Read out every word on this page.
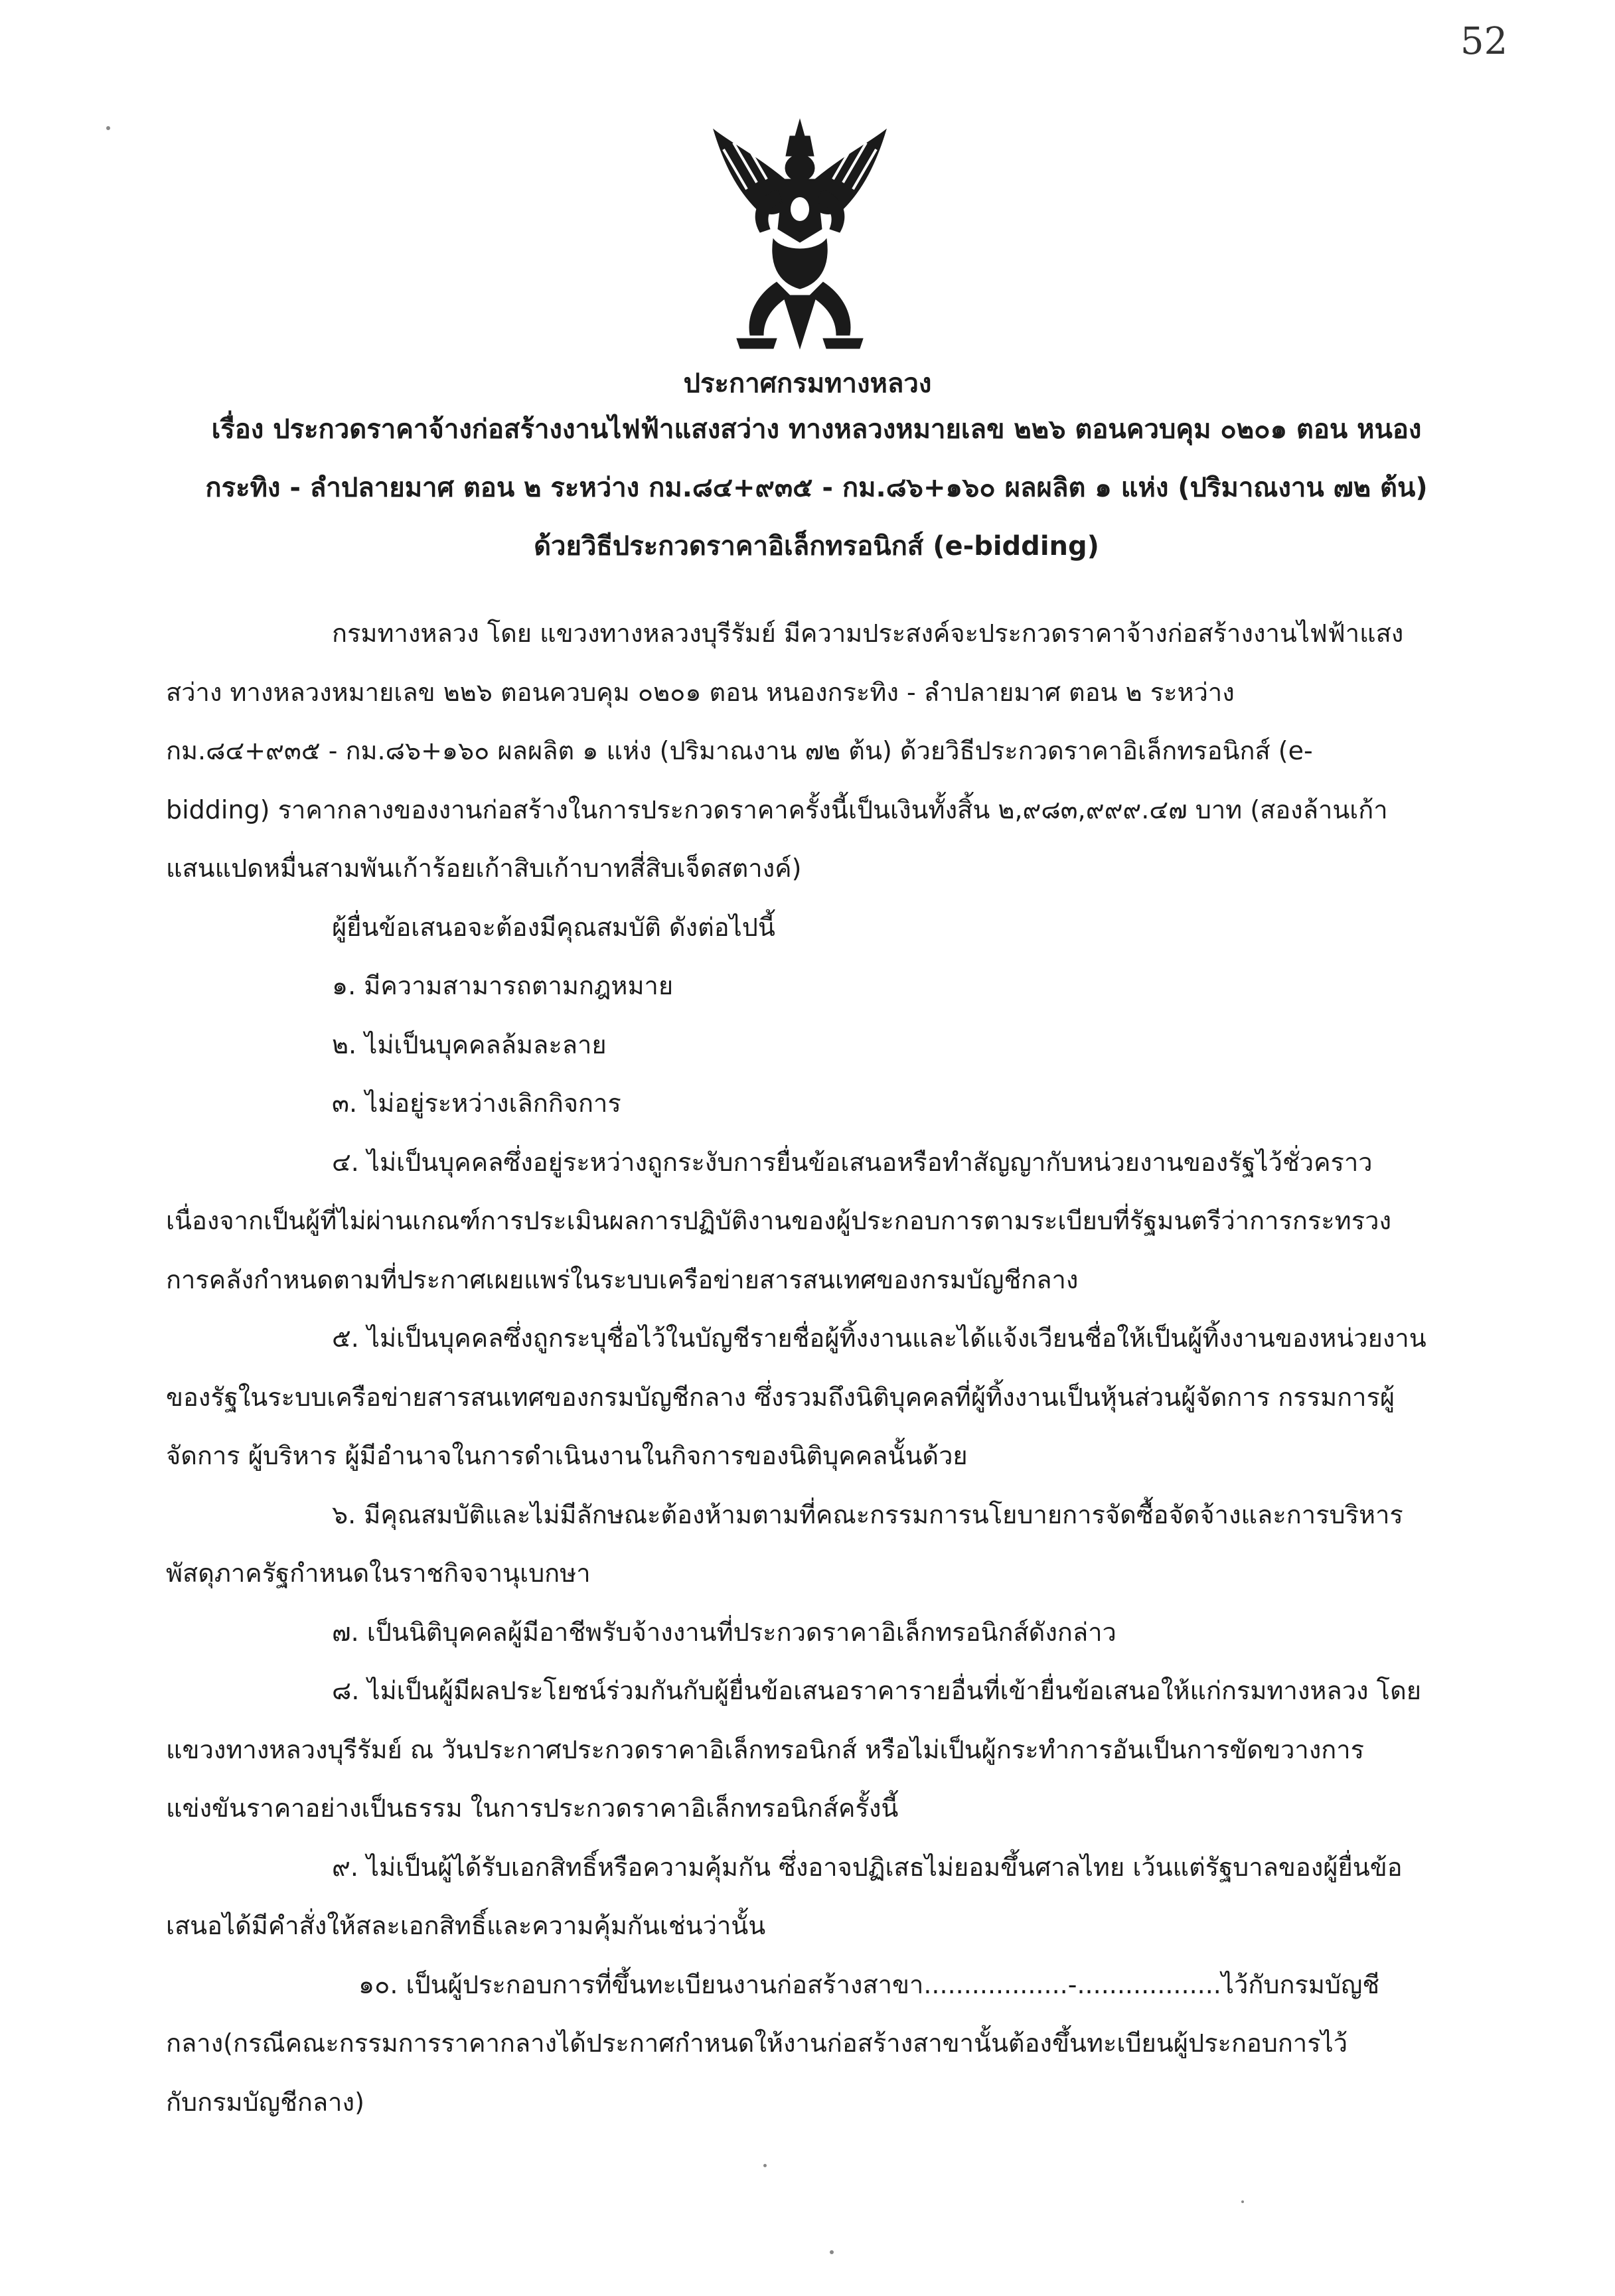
52
ประกาศกรมทางหลวง
เรื่อง ประกวดราคาจ้างก่อสร้างงานไฟฟ้าแสงสว่าง ทางหลวงหมายเลข ๒๒๖ ตอนควบคุม ๐๒๐๑ ตอน หนอง
กระทิง - ลำปลายมาศ ตอน ๒ ระหว่าง กม.๘๔+๙๓๕ - กม.๘๖+๑๖๐ ผลผลิต ๑ แห่ง (ปริมาณงาน ๗๒ ต้น)
ด้วยวิธีประกวดราคาอิเล็กทรอนิกส์ (e-bidding)
กรมทางหลวง โดย แขวงทางหลวงบุรีรัมย์ มีความประสงค์จะประกวดราคาจ้างก่อสร้างงานไฟฟ้าแสง
สว่าง ทางหลวงหมายเลข ๒๒๖ ตอนควบคุม ๐๒๐๑ ตอน หนองกระทิง - ลำปลายมาศ ตอน ๒ ระหว่าง
กม.๘๔+๙๓๕ - กม.๘๖+๑๖๐ ผลผลิต ๑ แห่ง (ปริมาณงาน ๗๒ ต้น) ด้วยวิธีประกวดราคาอิเล็กทรอนิกส์ (e-
bidding) ราคากลางของงานก่อสร้างในการประกวดราคาครั้งนี้เป็นเงินทั้งสิ้น ๒,๙๘๓,๙๙๙.๔๗ บาท (สองล้านเก้า
แสนแปดหมื่นสามพันเก้าร้อยเก้าสิบเก้าบาทสี่สิบเจ็ดสตางค์)
ผู้ยื่นข้อเสนอจะต้องมีคุณสมบัติ ดังต่อไปนี้
๑. มีความสามารถตามกฎหมาย
๒. ไม่เป็นบุคคลล้มละลาย
๓. ไม่อยู่ระหว่างเลิกกิจการ
๔. ไม่เป็นบุคคลซึ่งอยู่ระหว่างถูกระงับการยื่นข้อเสนอหรือทำสัญญากับหน่วยงานของรัฐไว้ชั่วคราว
เนื่องจากเป็นผู้ที่ไม่ผ่านเกณฑ์การประเมินผลการปฏิบัติงานของผู้ประกอบการตามระเบียบที่รัฐมนตรีว่าการกระทรวง
การคลังกำหนดตามที่ประกาศเผยแพร่ในระบบเครือข่ายสารสนเทศของกรมบัญชีกลาง
๕. ไม่เป็นบุคคลซึ่งถูกระบุชื่อไว้ในบัญชีรายชื่อผู้ทิ้งงานและได้แจ้งเวียนชื่อให้เป็นผู้ทิ้งงานของหน่วยงาน
ของรัฐในระบบเครือข่ายสารสนเทศของกรมบัญชีกลาง ซึ่งรวมถึงนิติบุคคลที่ผู้ทิ้งงานเป็นหุ้นส่วนผู้จัดการ กรรมการผู้
จัดการ ผู้บริหาร ผู้มีอำนาจในการดำเนินงานในกิจการของนิติบุคคลนั้นด้วย
๖. มีคุณสมบัติและไม่มีลักษณะต้องห้ามตามที่คณะกรรมการนโยบายการจัดซื้อจัดจ้างและการบริหาร
พัสดุภาครัฐกำหนดในราชกิจจานุเบกษา
๗. เป็นนิติบุคคลผู้มีอาชีพรับจ้างงานที่ประกวดราคาอิเล็กทรอนิกส์ดังกล่าว
๘. ไม่เป็นผู้มีผลประโยชน์ร่วมกันกับผู้ยื่นข้อเสนอราคารายอื่นที่เข้ายื่นข้อเสนอให้แก่กรมทางหลวง โดย
แขวงทางหลวงบุรีรัมย์ ณ วันประกาศประกวดราคาอิเล็กทรอนิกส์ หรือไม่เป็นผู้กระทำการอันเป็นการขัดขวางการ
แข่งขันราคาอย่างเป็นธรรม ในการประกวดราคาอิเล็กทรอนิกส์ครั้งนี้
๙. ไม่เป็นผู้ได้รับเอกสิทธิ์หรือความคุ้มกัน ซึ่งอาจปฏิเสธไม่ยอมขึ้นศาลไทย เว้นแต่รัฐบาลของผู้ยื่นข้อ
เสนอได้มีคำสั่งให้สละเอกสิทธิ์และความคุ้มกันเช่นว่านั้น
๑๐. เป็นผู้ประกอบการที่ขึ้นทะเบียนงานก่อสร้างสาขา..................-..................ไว้กับกรมบัญชี
กลาง(กรณีคณะกรรมการราคากลางได้ประกาศกำหนดให้งานก่อสร้างสาขานั้นต้องขึ้นทะเบียนผู้ประกอบการไว้
กับกรมบัญชีกลาง)
